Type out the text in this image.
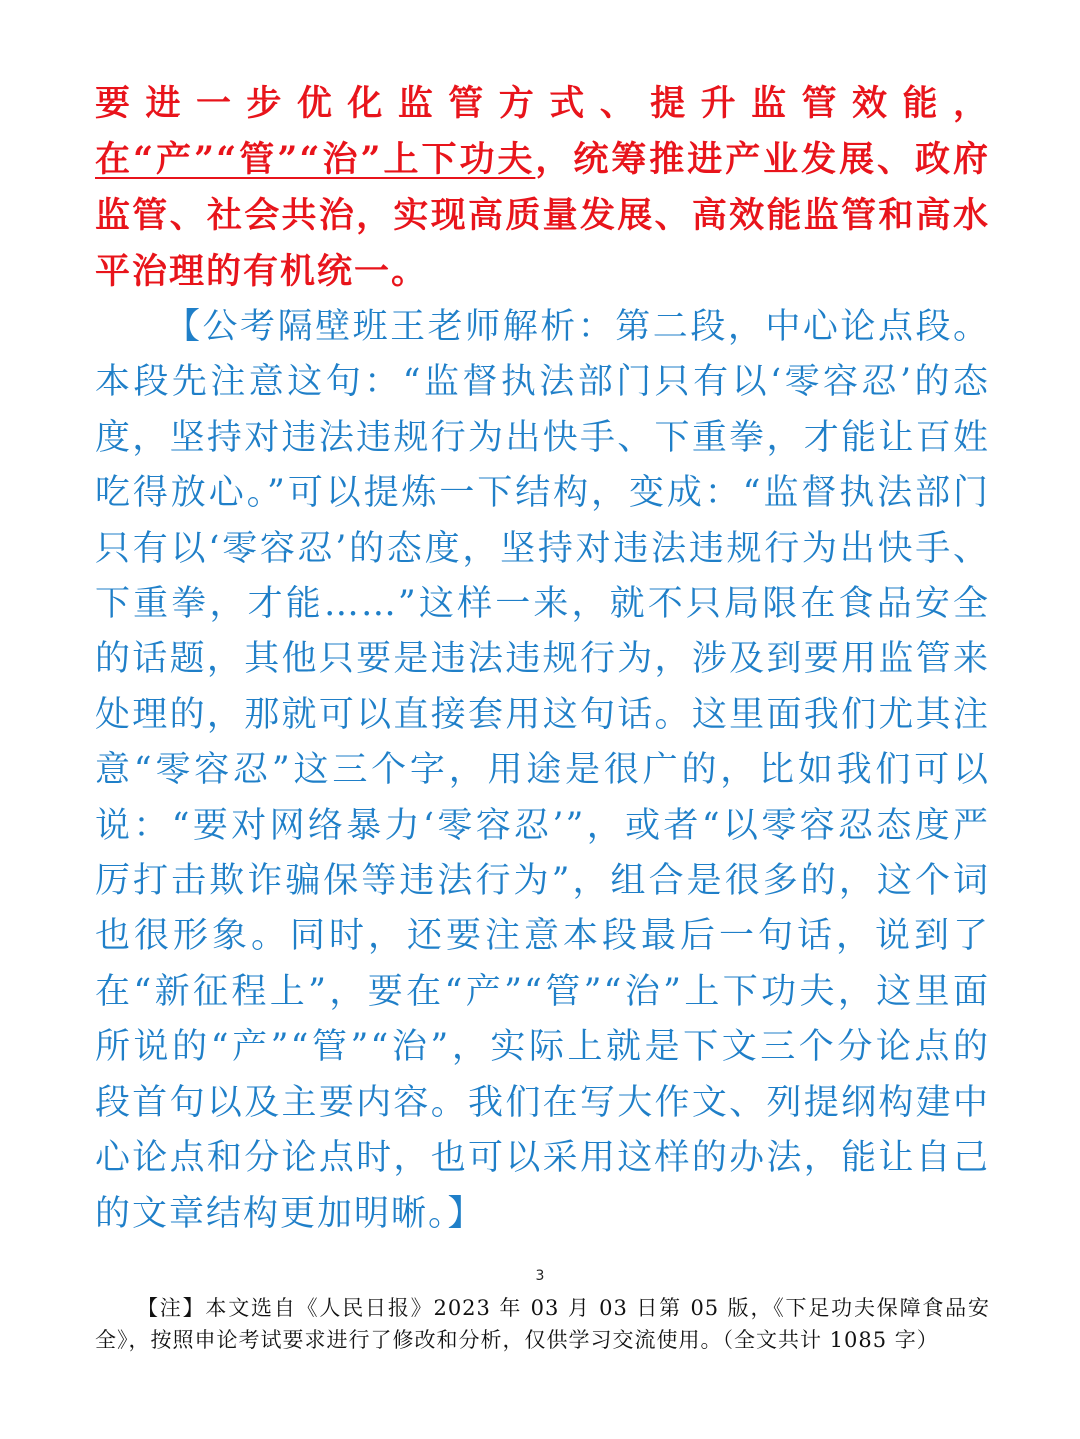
要进一步优化监管方式、提升监管效能，在“产”“管”“治”上下功夫，统筹推进产业发展、政府监管、社会共治，实现高质量发展、高效能监管和高水平治理的有机统一。

【公考隔壁班王老师解析：第二段，中心论点段。本段先注意这句：“监督执法部门只有以‘零容忍’的态度，坚持对违法违规行为出快手、下重拳，才能让百姓吃得放心。”可以提炼一下结构，变成：“监督执法部门只有以‘零容忍’的态度，坚持对违法违规行为出快手、下重拳，才能……”这样一来，就不只局限在食品安全的话题，其他只要是违法违规行为，涉及到要用监管来处理的，那就可以直接套用这句话。这里面我们尤其注意“零容忍”这三个字，用途是很广的，比如我们可以说：“要对网络暴力‘零容忍’”，或者“以零容忍态度严厉打击欺诈骗保等违法行为”，组合是很多的，这个词也很形象。同时，还要注意本段最后一句话，说到了在“新征程上”，要在“产”“管”“治”上下功夫，这里面所说的“产”“管”“治”，实际上就是下文三个分论点的段首句以及主要内容。我们在写大作文、列提纲构建中心论点和分论点时，也可以采用这样的办法，能让自己的文章结构更加明晰。】

3

【注】本文选自《人民日报》2023 年 03 月 03 日第 05 版，《下足功夫保障食品安全》，按照申论考试要求进行了修改和分析，仅供学习交流使用。（全文共计 1085 字）
